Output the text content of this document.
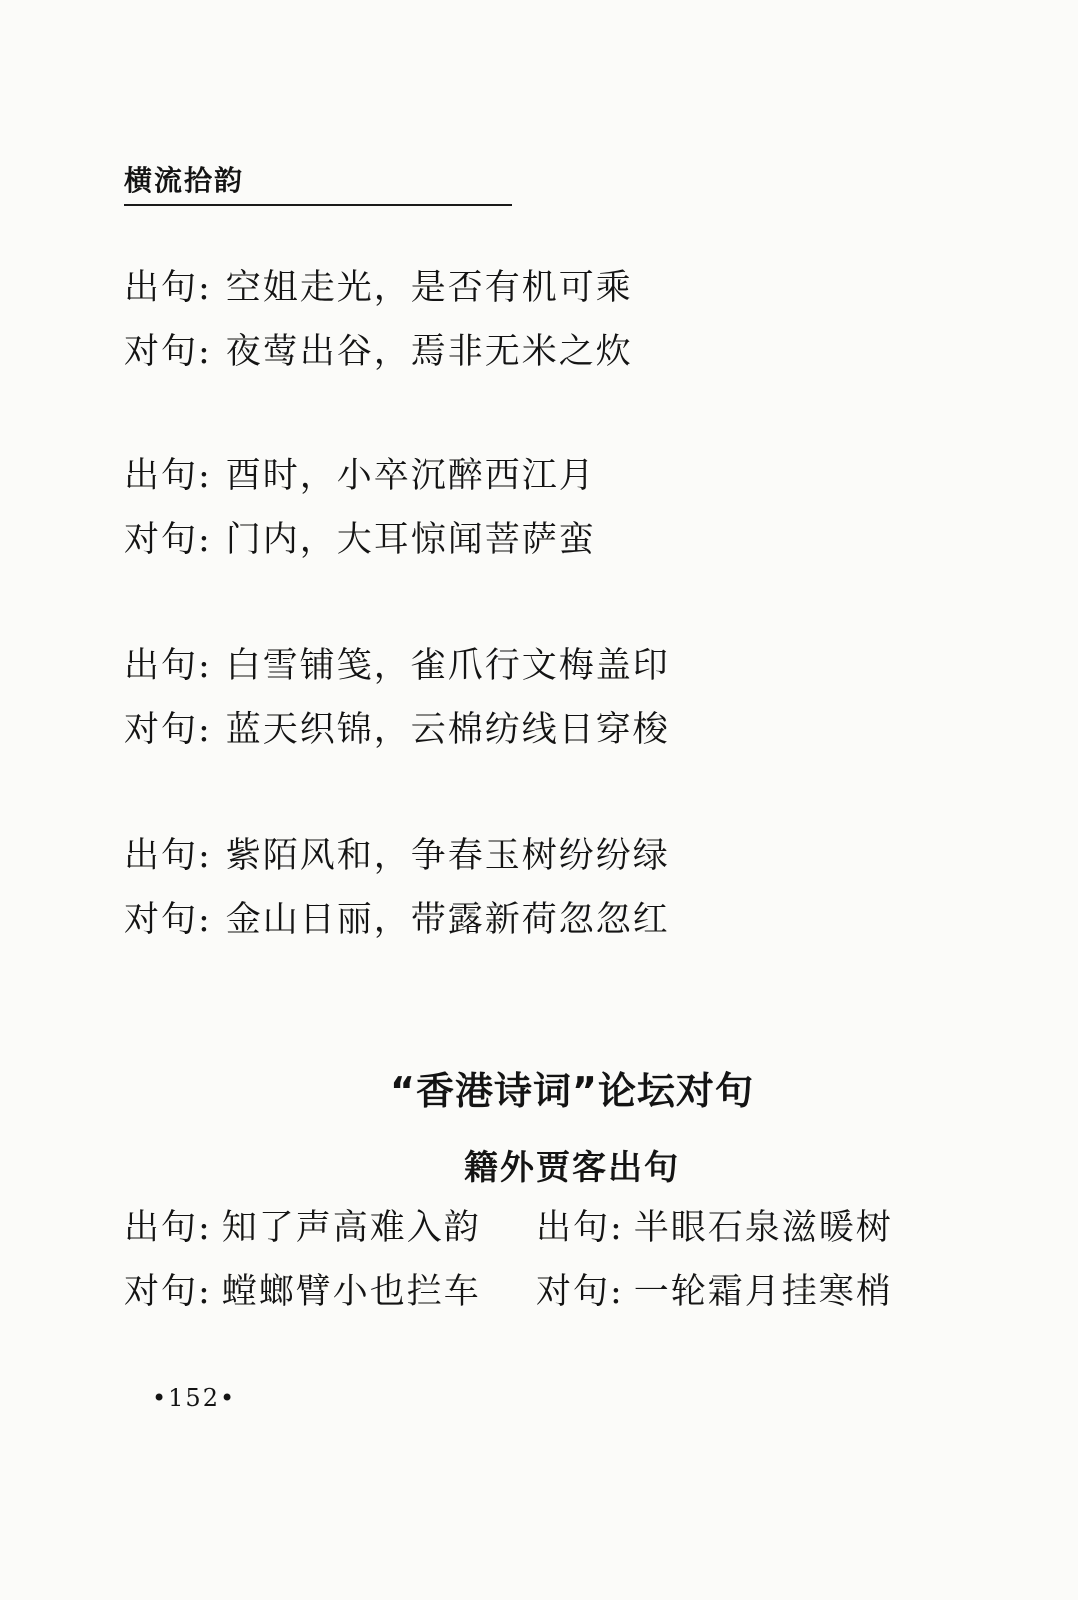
横流拾韵
出句: 空姐走光，是否有机可乘
对句: 夜莺出谷，焉非无米之炊
出句: 酉时，小卒沉醉西江月
对句: 门内，大耳惊闻菩萨蛮
出句: 白雪铺笺，雀爪行文梅盖印
对句: 蓝天织锦，云棉纺线日穿梭
出句: 紫陌风和，争春玉树纷纷绿
对句: 金山日丽，带露新荷忽忽红
“香港诗词”论坛对句
籍外贾客出句
出句: 知了声高难入韵 出句: 半眼石泉滋暖树
对句: 螳螂臂小也拦车 对句: 一轮霜月挂寒梢
•152•
